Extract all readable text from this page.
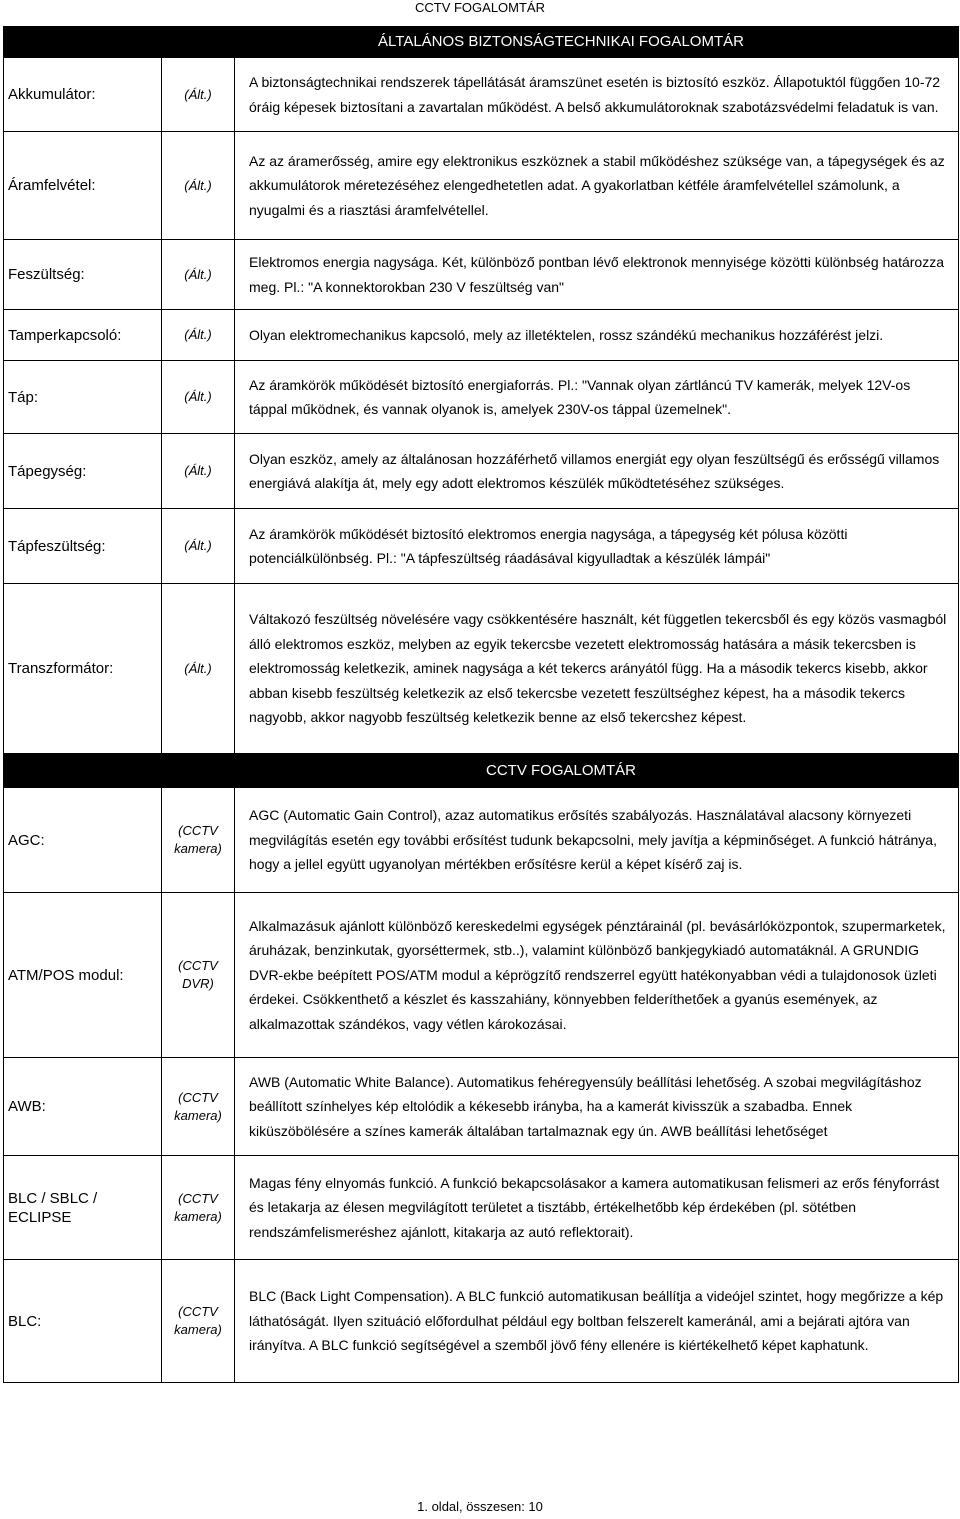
CCTV FOGALOMTÁR
ÁLTALÁNOS BIZTONSÁGTECHNIKAI FOGALOMTÁR		
Akkumulátor:	(Ált.)	A biztonságtechnikai rendszerek tápellátását áramszünet esetén is biztosító eszköz. Állapotuktól függően 10-72 óráig képesek biztosítani a zavartalan működést. A belső akkumulátoroknak szabotázsvédelmi feladatuk is van.
Áramfelvétel:	(Ált.)	Az az áramerősség, amire egy elektronikus eszköznek a stabil működéshez szüksége van, a tápegységek és az akkumulátorok méretezéséhez elengedhetetlen adat. A gyakorlatban kétféle áramfelvétellel számolunk, a nyugalmi és a riasztási áramfelvétellel.
Feszültség:	(Ált.)	Elektromos energia nagysága. Két, különböző pontban lévő elektronok mennyisége közötti különbség határozza meg. Pl.: "A konnektorokban 230 V feszültség van"
Tamperkapcsoló:	(Ált.)	Olyan elektromechanikus kapcsoló, mely az illetéktelen, rossz szándékú mechanikus hozzáférést jelzi.
Táp:	(Ált.)	Az áramkörök működését biztosító energiaforrás. Pl.: "Vannak olyan zártláncú TV kamerák, melyek 12V-os táppal működnek, és vannak olyanok is, amelyek 230V-os táppal üzemelnek".
Tápegység:	(Ált.)	Olyan eszköz, amely az általánosan hozzáférhető villamos energiát egy olyan feszültségű és erősségű villamos energiává alakítja át, mely egy adott elektromos készülék működtetéséhez szükséges.
Tápfeszültség:	(Ált.)	Az áramkörök működését biztosító elektromos energia nagysága, a tápegység két pólusa közötti potenciálkülönbség. Pl.: "A tápfeszültség ráadásával kigyulladtak a készülék lámpái"
Transzformátor:	(Ált.)	Váltakozó feszültség növelésére vagy csökkentésére használt, két független tekercsből és egy közös vasmagból álló elektromos eszköz, melyben az egyik tekercsbe vezetett elektromosság hatására a másik tekercsben is elektromosság keletkezik, aminek nagysága a két tekercs arányától függ. Ha a második tekercs kisebb, akkor abban kisebb feszültség keletkezik az első tekercsbe vezetett feszültséghez képest, ha a második tekercs nagyobb, akkor nagyobb feszültség keletkezik benne az első tekercshez képest.
CCTV FOGALOMTÁR		
AGC:	(CCTV kamera)	AGC (Automatic Gain Control), azaz automatikus erősítés szabályozás. Használatával alacsony környezeti megvilágítás esetén egy további erősítést tudunk bekapcsolni, mely javítja a képminőséget. A funkció hátránya, hogy a jellel együtt ugyanolyan mértékben erősítésre kerül a képet kísérő zaj is.
ATM/POS modul:	(CCTV DVR)	Alkalmazásuk ajánlott különböző kereskedelmi egységek pénztárainál (pl. bevásárlóközpontok, szupermarketek, áruházak, benzinkutak, gyorséttermek, stb..), valamint különböző bankjegykiadó automatáknál. A GRUNDIG DVR-ekbe beépített POS/ATM modul a képrögzítő rendszerrel együtt hatékonyabban védi a tulajdonosok üzleti érdekei. Csökkenthető a készlet és kasszahiány, könnyebben felderíthetőek a gyanús események, az alkalmazottak szándékos, vagy vétlen károkozásai.
AWB:	(CCTV kamera)	AWB (Automatic White Balance). Automatikus fehéregyensúly beállítási lehetőség. A szobai megvilágításhoz beállított színhelyes kép eltolódik a kékesebb irányba, ha a kamerát kivisszük a szabadba. Ennek kiküszöbölésére a színes kamerák általában tartalmaznak egy ún. AWB beállítási lehetőséget
BLC / SBLC / ECLIPSE	(CCTV kamera)	Magas fény elnyomás funkció. A funkció bekapcsolásakor a kamera automatikusan felismeri az erős fényforrást és letakarja az élesen megvilágított területet a tisztább, értékelhetőbb kép érdekében (pl. sötétben rendszámfelismeréshez ajánlott, kitakarja az autó reflektorait).
BLC:	(CCTV kamera)	BLC (Back Light Compensation). A BLC funkció automatikusan beállítja a videójel szintet, hogy megőrizze a kép láthatóságát. Ilyen szituáció előfordulhat például egy boltban felszerelt kameránál, ami a bejárati ajtóra van irányítva. A BLC funkció segítségével a szemből jövő fény ellenére is kiértékelhető képet kaphatunk.
1. oldal, összesen: 10
